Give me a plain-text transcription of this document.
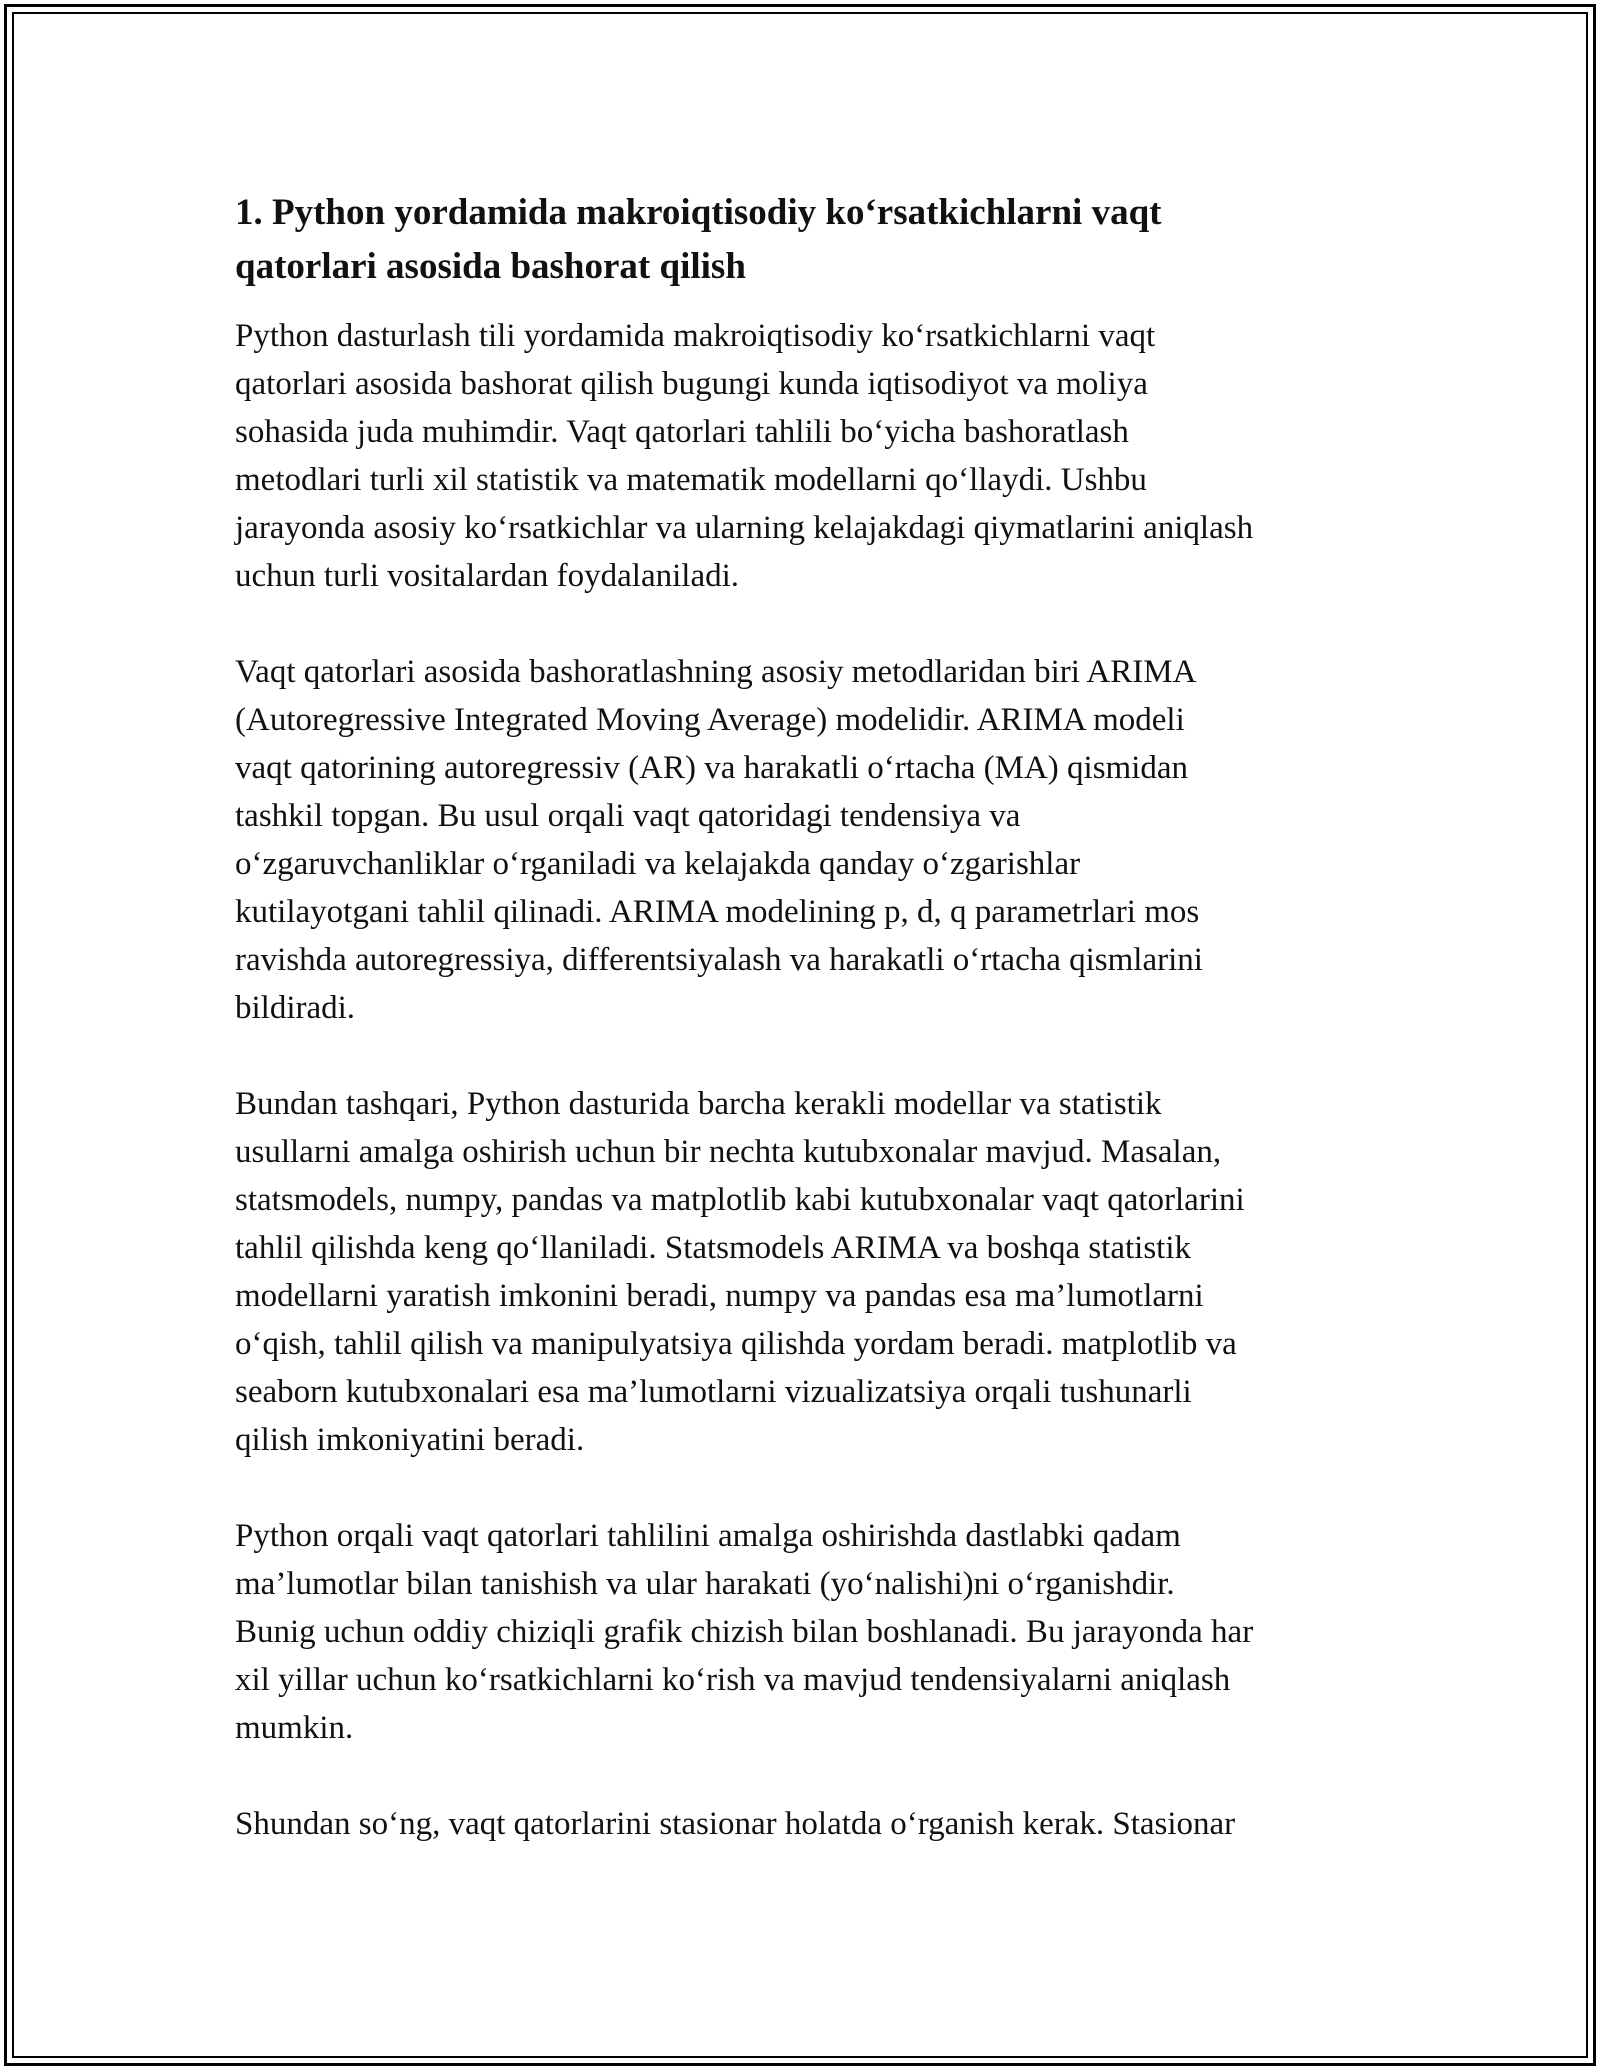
1. Python yordamida makroiqtisodiy ko‘rsatkichlarni vaqt
qatorlari asosida bashorat qilish

Python dasturlash tili yordamida makroiqtisodiy ko‘rsatkichlarni vaqt
qatorlari asosida bashorat qilish bugungi kunda iqtisodiyot va moliya
sohasida juda muhimdir. Vaqt qatorlari tahlili bo‘yicha bashoratlash
metodlari turli xil statistik va matematik modellarni qo‘llaydi. Ushbu
jarayonda asosiy ko‘rsatkichlar va ularning kelajakdagi qiymatlarini aniqlash
uchun turli vositalardan foydalaniladi.

Vaqt qatorlari asosida bashoratlashning asosiy metodlaridan biri ARIMA
(Autoregressive Integrated Moving Average) modelidir. ARIMA modeli
vaqt qatorining autoregressiv (AR) va harakatli o‘rtacha (MA) qismidan
tashkil topgan. Bu usul orqali vaqt qatoridagi tendensiya va
o‘zgaruvchanliklar o‘rganiladi va kelajakda qanday o‘zgarishlar
kutilayotgani tahlil qilinadi. ARIMA modelining p, d, q parametrlari mos
ravishda autoregressiya, differentsiyalash va harakatli o‘rtacha qismlarini
bildiradi.

Bundan tashqari, Python dasturida barcha kerakli modellar va statistik
usullarni amalga oshirish uchun bir nechta kutubxonalar mavjud. Masalan,
statsmodels, numpy, pandas va matplotlib kabi kutubxonalar vaqt qatorlarini
tahlil qilishda keng qo‘llaniladi. Statsmodels ARIMA va boshqa statistik
modellarni yaratish imkonini beradi, numpy va pandas esa ma’lumotlarni
o‘qish, tahlil qilish va manipulyatsiya qilishda yordam beradi. matplotlib va
seaborn kutubxonalari esa ma’lumotlarni vizualizatsiya orqali tushunarli
qilish imkoniyatini beradi.

Python orqali vaqt qatorlari tahlilini amalga oshirishda dastlabki qadam
ma’lumotlar bilan tanishish va ular harakati (yo‘nalishi)ni o‘rganishdir.
Bunig uchun oddiy chiziqli grafik chizish bilan boshlanadi. Bu jarayonda har
xil yillar uchun ko‘rsatkichlarni ko‘rish va mavjud tendensiyalarni aniqlash
mumkin.

Shundan so‘ng, vaqt qatorlarini stasionar holatda o‘rganish kerak. Stasionar
